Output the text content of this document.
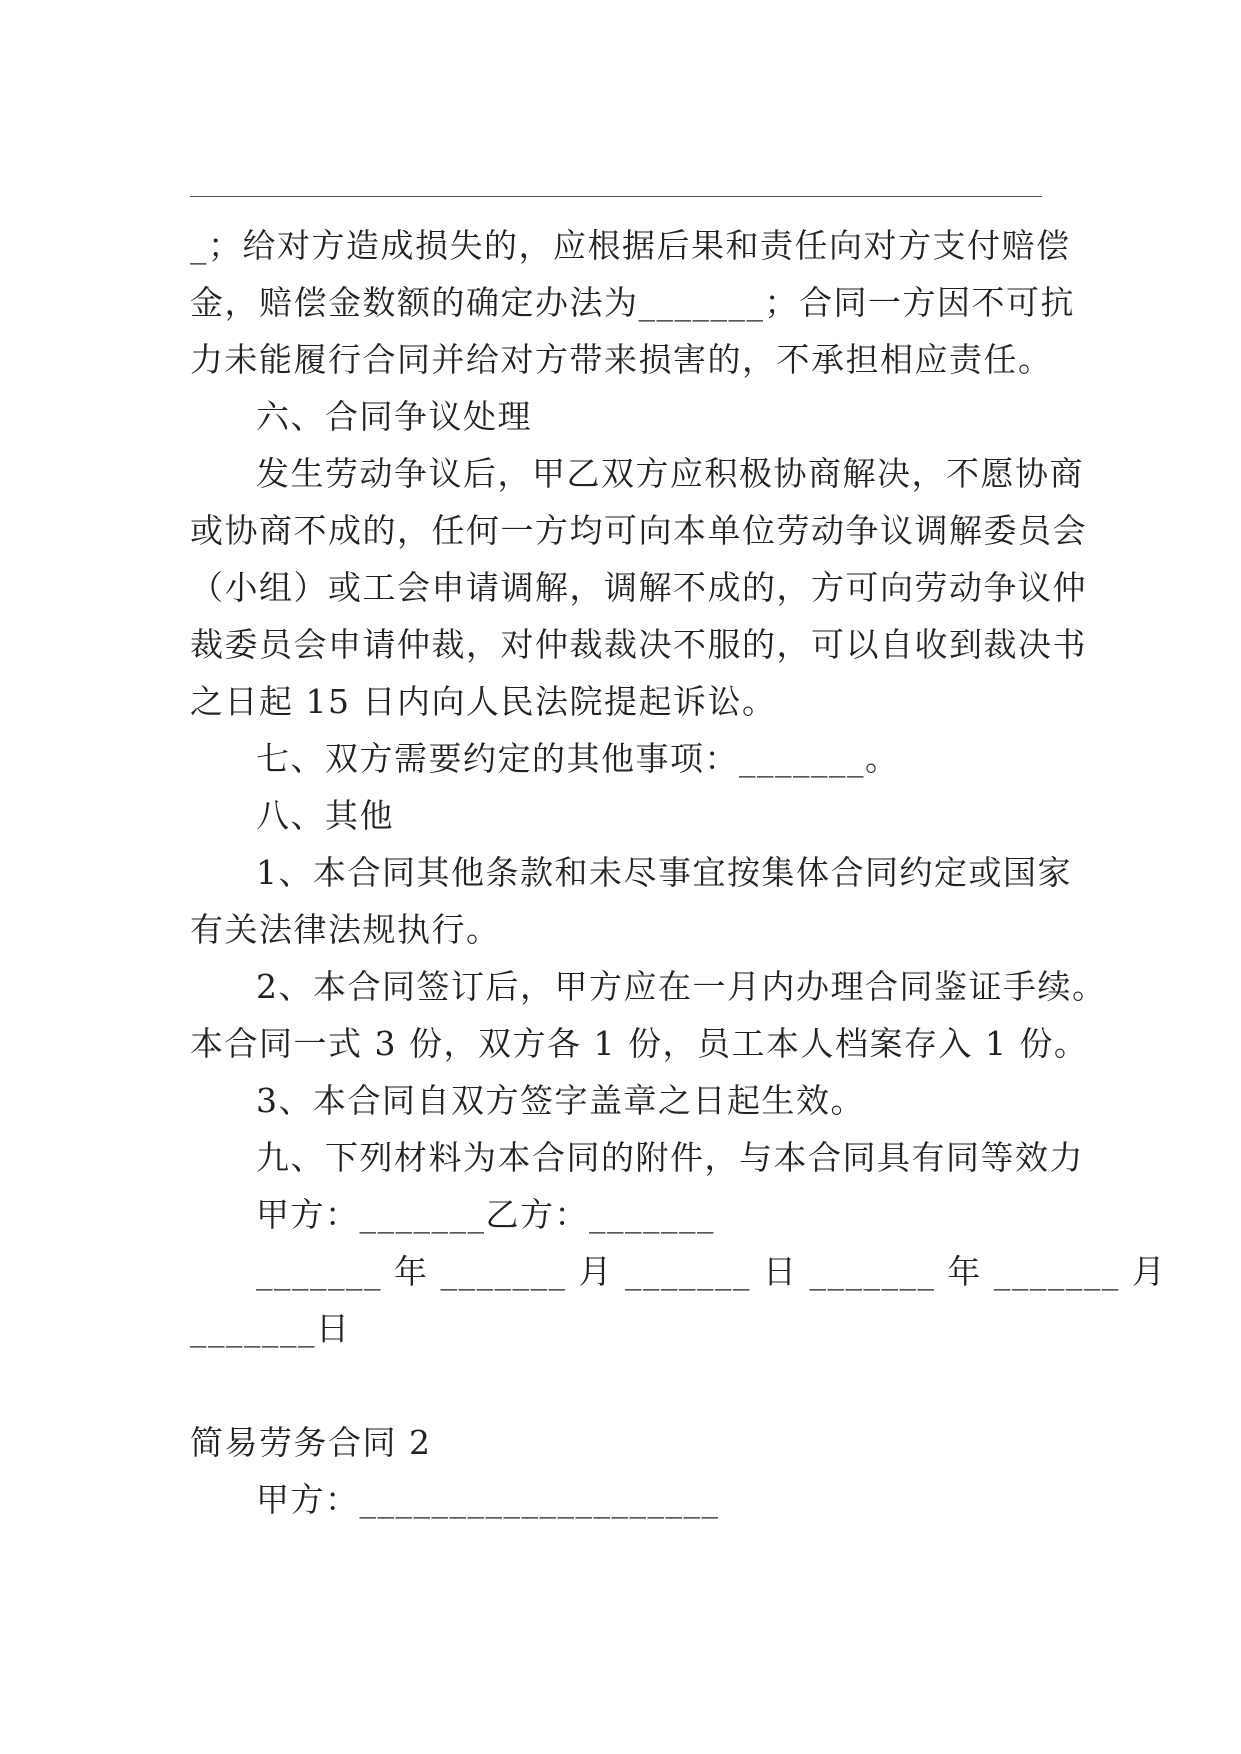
_；给对方造成损失的，应根据后果和责任向对方支付赔偿
金，赔偿金数额的确定办法为_______；合同一方因不可抗
力未能履行合同并给对方带来损害的，不承担相应责任。
六、合同争议处理
发生劳动争议后，甲乙双方应积极协商解决，不愿协商
或协商不成的，任何一方均可向本单位劳动争议调解委员会
（小组）或工会申请调解，调解不成的，方可向劳动争议仲
裁委员会申请仲裁，对仲裁裁决不服的，可以自收到裁决书
之日起 15 日内向人民法院提起诉讼。
七、双方需要约定的其他事项：_______。
八、其他
1、本合同其他条款和未尽事宜按集体合同约定或国家
有关法律法规执行。
2、本合同签订后，甲方应在一月内办理合同鉴证手续。
本合同一式 3 份，双方各 1 份，员工本人档案存入 1 份。
3、本合同自双方签字盖章之日起生效。
九、下列材料为本合同的附件，与本合同具有同等效力
甲方：_______乙方：_______
_______ 年 _______ 月 _______ 日 _______ 年 _______ 月
_______日
简易劳务合同 2
甲方：____________________
